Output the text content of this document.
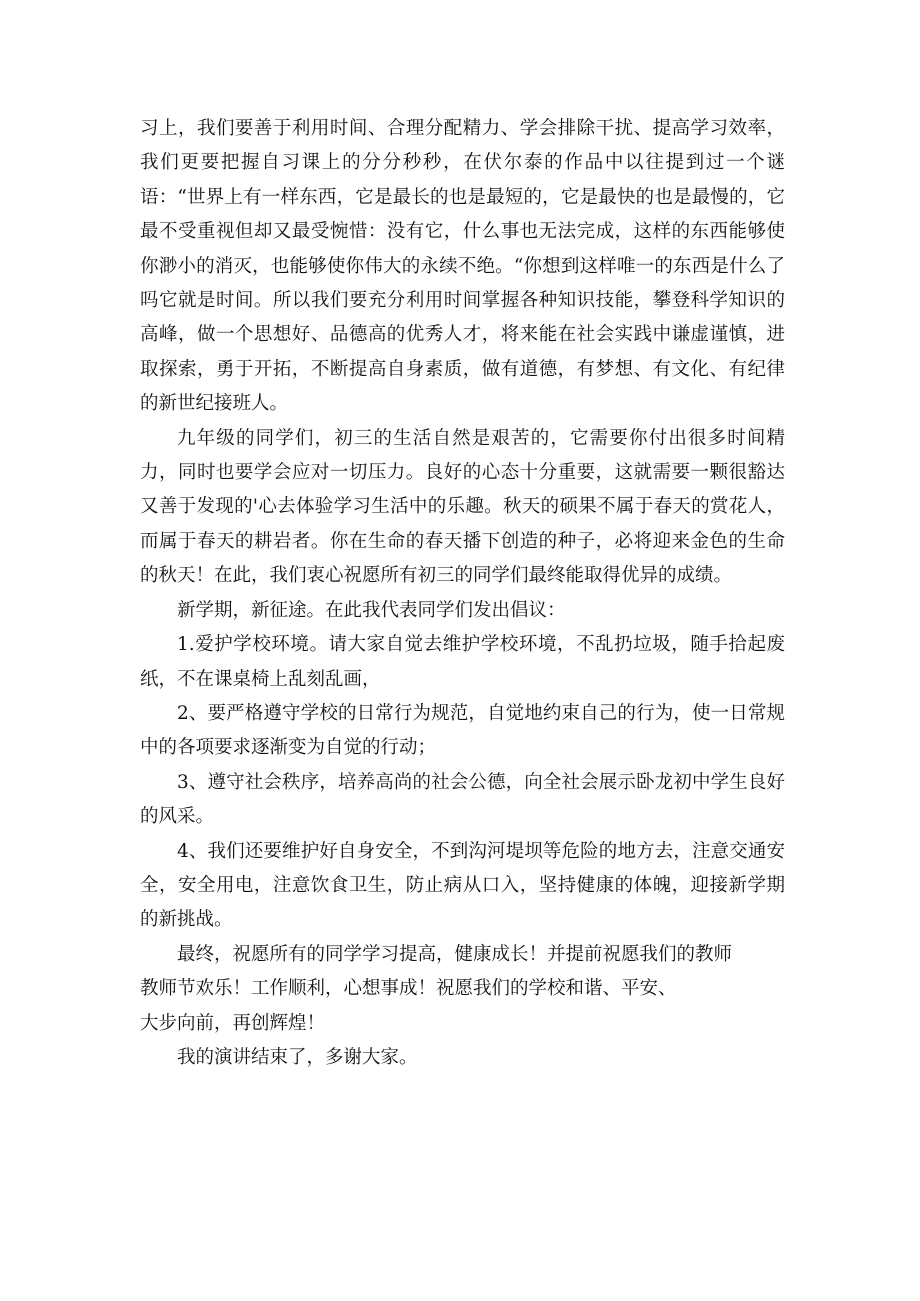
习上，我们要善于利用时间、合理分配精力、学会排除干扰、提高学习效率，我们更要把握自习课上的分分秒秒，在伏尔泰的作品中以往提到过一个谜语：“世界上有一样东西，它是最长的也是最短的，它是最快的也是最慢的，它最不受重视但却又最受惋惜：没有它，什么事也无法完成，这样的东西能够使你渺小的消灭，也能够使你伟大的永续不绝。“你想到这样唯一的东西是什么了吗它就是时间。所以我们要充分利用时间掌握各种知识技能，攀登科学知识的高峰，做一个思想好、品德高的优秀人才，将来能在社会实践中谦虚谨慎，进取探索，勇于开拓，不断提高自身素质，做有道德，有梦想、有文化、有纪律的新世纪接班人。

九年级的同学们，初三的生活自然是艰苦的，它需要你付出很多时间精力，同时也要学会应对一切压力。良好的心态十分重要，这就需要一颗很豁达又善于发现的'心去体验学习生活中的乐趣。秋天的硕果不属于春天的赏花人，而属于春天的耕岩者。你在生命的春天播下创造的种子，必将迎来金色的生命的秋天！在此，我们衷心祝愿所有初三的同学们最终能取得优异的成绩。

新学期，新征途。在此我代表同学们发出倡议：

1.爱护学校环境。请大家自觉去维护学校环境，不乱扔垃圾，随手拾起废纸，不在课桌椅上乱刻乱画，

2、要严格遵守学校的日常行为规范，自觉地约束自己的行为，使一日常规中的各项要求逐渐变为自觉的行动；

3、遵守社会秩序，培养高尚的社会公德，向全社会展示卧龙初中学生良好的风采。

4、我们还要维护好自身安全，不到沟河堤坝等危险的地方去，注意交通安全，安全用电，注意饮食卫生，防止病从口入，坚持健康的体魄，迎接新学期的新挑战。

最终，祝愿所有的同学学习提高，健康成长！并提前祝愿我们的教师
教师节欢乐！工作顺利，心想事成！祝愿我们的学校和谐、平安、
大步向前，再创辉煌！

我的演讲结束了，多谢大家。
